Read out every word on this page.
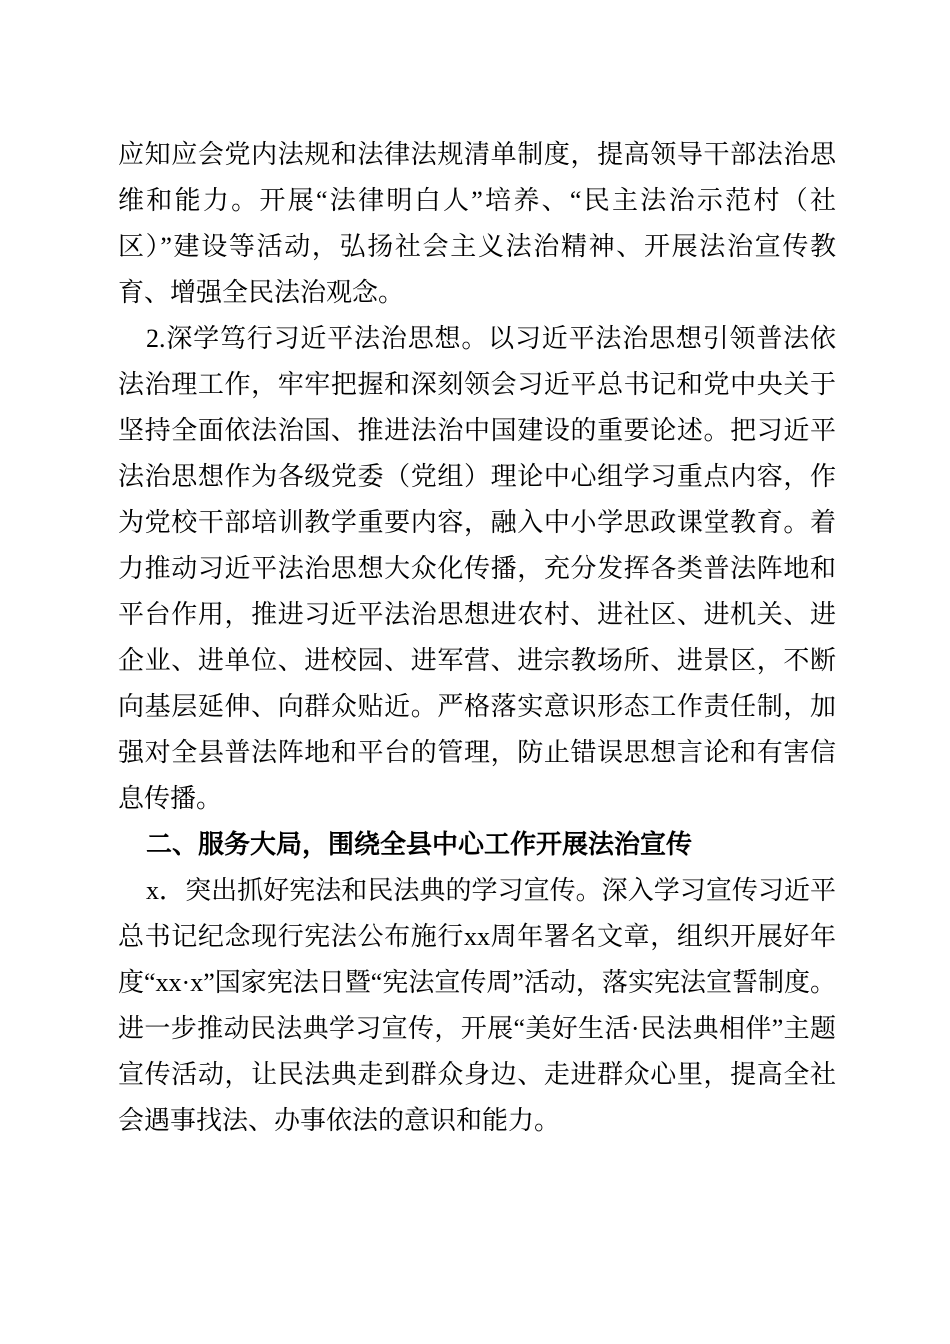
应知应会党内法规和法律法规清单制度，提高领导干部法治思维和能力。开展“法律明白人”培养、“民主法治示范村（社区）”建设等活动，弘扬社会主义法治精神、开展法治宣传教育、增强全民法治观念。

2.深学笃行习近平法治思想。以习近平法治思想引领普法依法治理工作，牢牢把握和深刻领会习近平总书记和党中央关于坚持全面依法治国、推进法治中国建设的重要论述。把习近平法治思想作为各级党委（党组）理论中心组学习重点内容，作为党校干部培训教学重要内容，融入中小学思政课堂教育。着力推动习近平法治思想大众化传播，充分发挥各类普法阵地和平台作用，推进习近平法治思想进农村、进社区、进机关、进企业、进单位、进校园、进军营、进宗教场所、进景区，不断向基层延伸、向群众贴近。严格落实意识形态工作责任制，加强对全县普法阵地和平台的管理，防止错误思想言论和有害信息传播。

二、服务大局，围绕全县中心工作开展法治宣传

x．突出抓好宪法和民法典的学习宣传。深入学习宣传习近平总书记纪念现行宪法公布施行xx周年署名文章，组织开展好年度“xx·x”国家宪法日暨“宪法宣传周”活动，落实宪法宣誓制度。进一步推动民法典学习宣传，开展“美好生活·民法典相伴”主题宣传活动，让民法典走到群众身边、走进群众心里，提高全社会遇事找法、办事依法的意识和能力。
